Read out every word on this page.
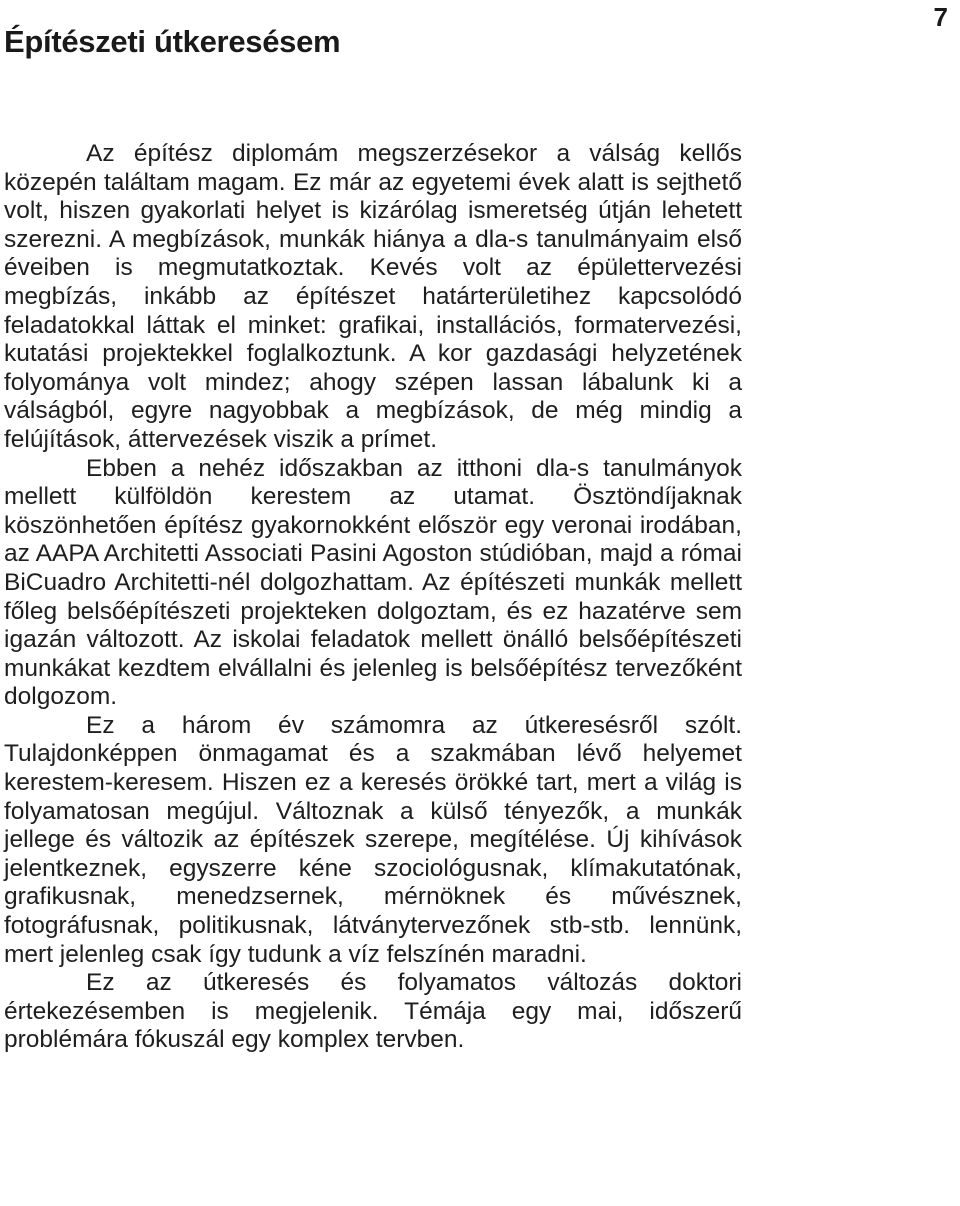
7
Építészeti útkeresésem

Az építész diplomám megszerzésekor a válság kellős közepén találtam magam. Ez már az egyetemi évek alatt is sejthető volt, hiszen gyakorlati helyet is kizárólag ismeretség útján lehetett szerezni. A megbízások, munkák hiánya a dla-s tanulmányaim első éveiben is megmutatkoztak. Kevés volt az épülettervezési megbízás, inkább az építészet határterületihez kapcsolódó feladatokkal láttak el minket: grafikai, installációs, formatervezési, kutatási projektekkel foglalkoztunk. A kor gazdasági helyzetének folyománya volt mindez; ahogy szépen lassan lábalunk ki a válságból, egyre nagyobbak a megbízások, de még mindig a felújítások, áttervezések viszik a prímet.

Ebben a nehéz időszakban az itthoni dla-s tanulmányok mellett külföldön kerestem az utamat. Ösztöndíjaknak köszönhetően építész gyakornokként először egy veronai irodában, az AAPA Architetti Associati Pasini Agoston stúdióban, majd a római BiCuadro Architetti-nél dolgozhattam. Az építészeti munkák mellett főleg belsőépítészeti projekteken dolgoztam, és ez hazatérve sem igazán változott. Az iskolai feladatok mellett önálló belsőépítészeti munkákat kezdtem elvállalni és jelenleg is belsőépítész tervezőként dolgozom.

Ez a három év számomra az útkeresésről szólt. Tulajdonképpen önmagamat és a szakmában lévő helyemet kerestem-keresem. Hiszen ez a keresés örökké tart, mert a világ is folyamatosan megújul. Változnak a külső tényezők, a munkák jellege és változik az építészek szerepe, megítélése. Új kihívások jelentkeznek, egyszerre kéne szociológusnak, klímakutatónak, grafikusnak, menedzsernek, mérnöknek és művésznek, fotográfusnak, politikusnak, látványtervezőnek stb-stb. lennünk, mert jelenleg csak így tudunk a víz felszínén maradni.

Ez az útkeresés és folyamatos változás doktori értekezésemben is megjelenik. Témája egy mai, időszerű problémára fókuszál egy komplex tervben.
